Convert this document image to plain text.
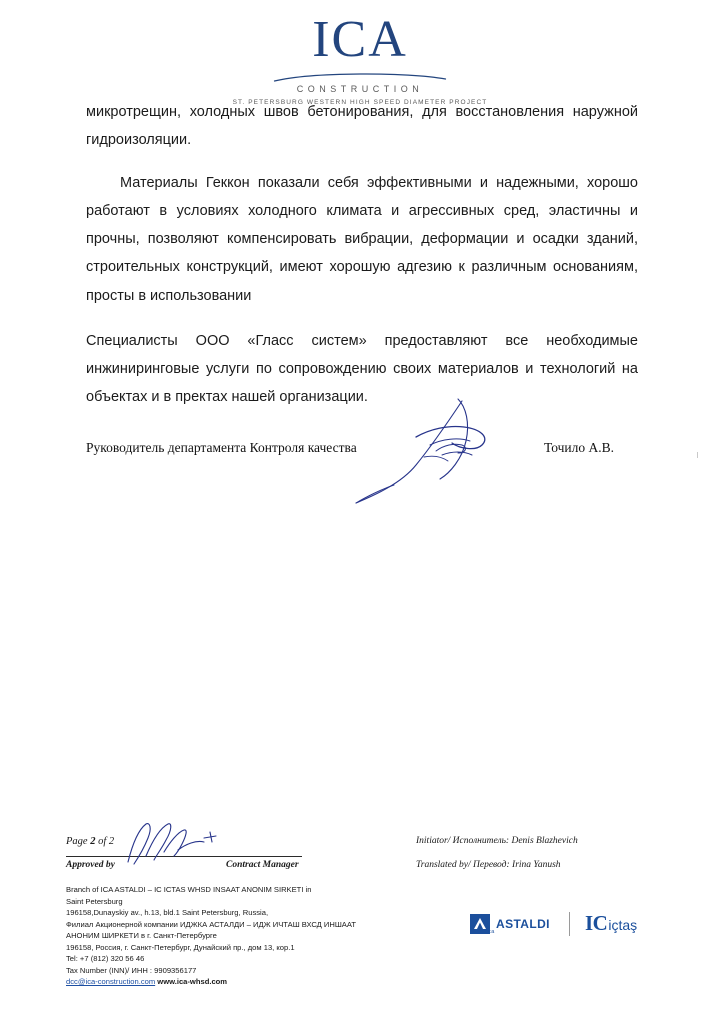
ICA
CONSTRUCTION
ST. PETERSBURG WESTERN HIGH SPEED DIAMETER PROJECT

микротрещин, холодных швов бетонирования, для восстановления наружной гидроизоляции.

Материалы Геккон показали себя эффективными и надежными, хорошо работают в условиях холодного климата и агрессивных сред, эластичны и прочны, позволяют компенсировать вибрации, деформации и осадки зданий, строительных конструкций, имеют хорошую адгезию к различным основаниям, просты в использовании

Специалисты ООО «Гласс систем» предоставляют все необходимые инжиниринговые услуги по сопровождению своих материалов и технологий на объектах и в пректах нашей организации.

Руководитель департамента Контроля качества	Точило А.В.
Page 2 of 2
Approved by	Contract Manager
Initiator/ Исполнитель: Denis Blazhevich
Translated by/ Перевод: Irina Yanush
Branch of ICA ASTALDI – IC ICTAS WHSD INSAAT ANONIM SIRKETI in
Saint Petersburg
196158,Dunayskiy av., h.13, bld.1 Saint Petersburg, Russia,
Филиал Акционерной компании ИДЖКА АСТАЛДИ – ИДЖ ИЧТАШ ВХСД ИНШААТ
АНОНИМ ШИРКЕТИ в г. Санкт-Петербурге
196158, Россия, г. Санкт-Петербург, Дунайский пр., дом 13, кор.1
Tel: +7 (812) 320 56 46
Tax Number (INN)/ ИНН : 9909356177
dcc@ica-construction.com www.ica-whsd.com
ASTALDI IC içtaş
ca
